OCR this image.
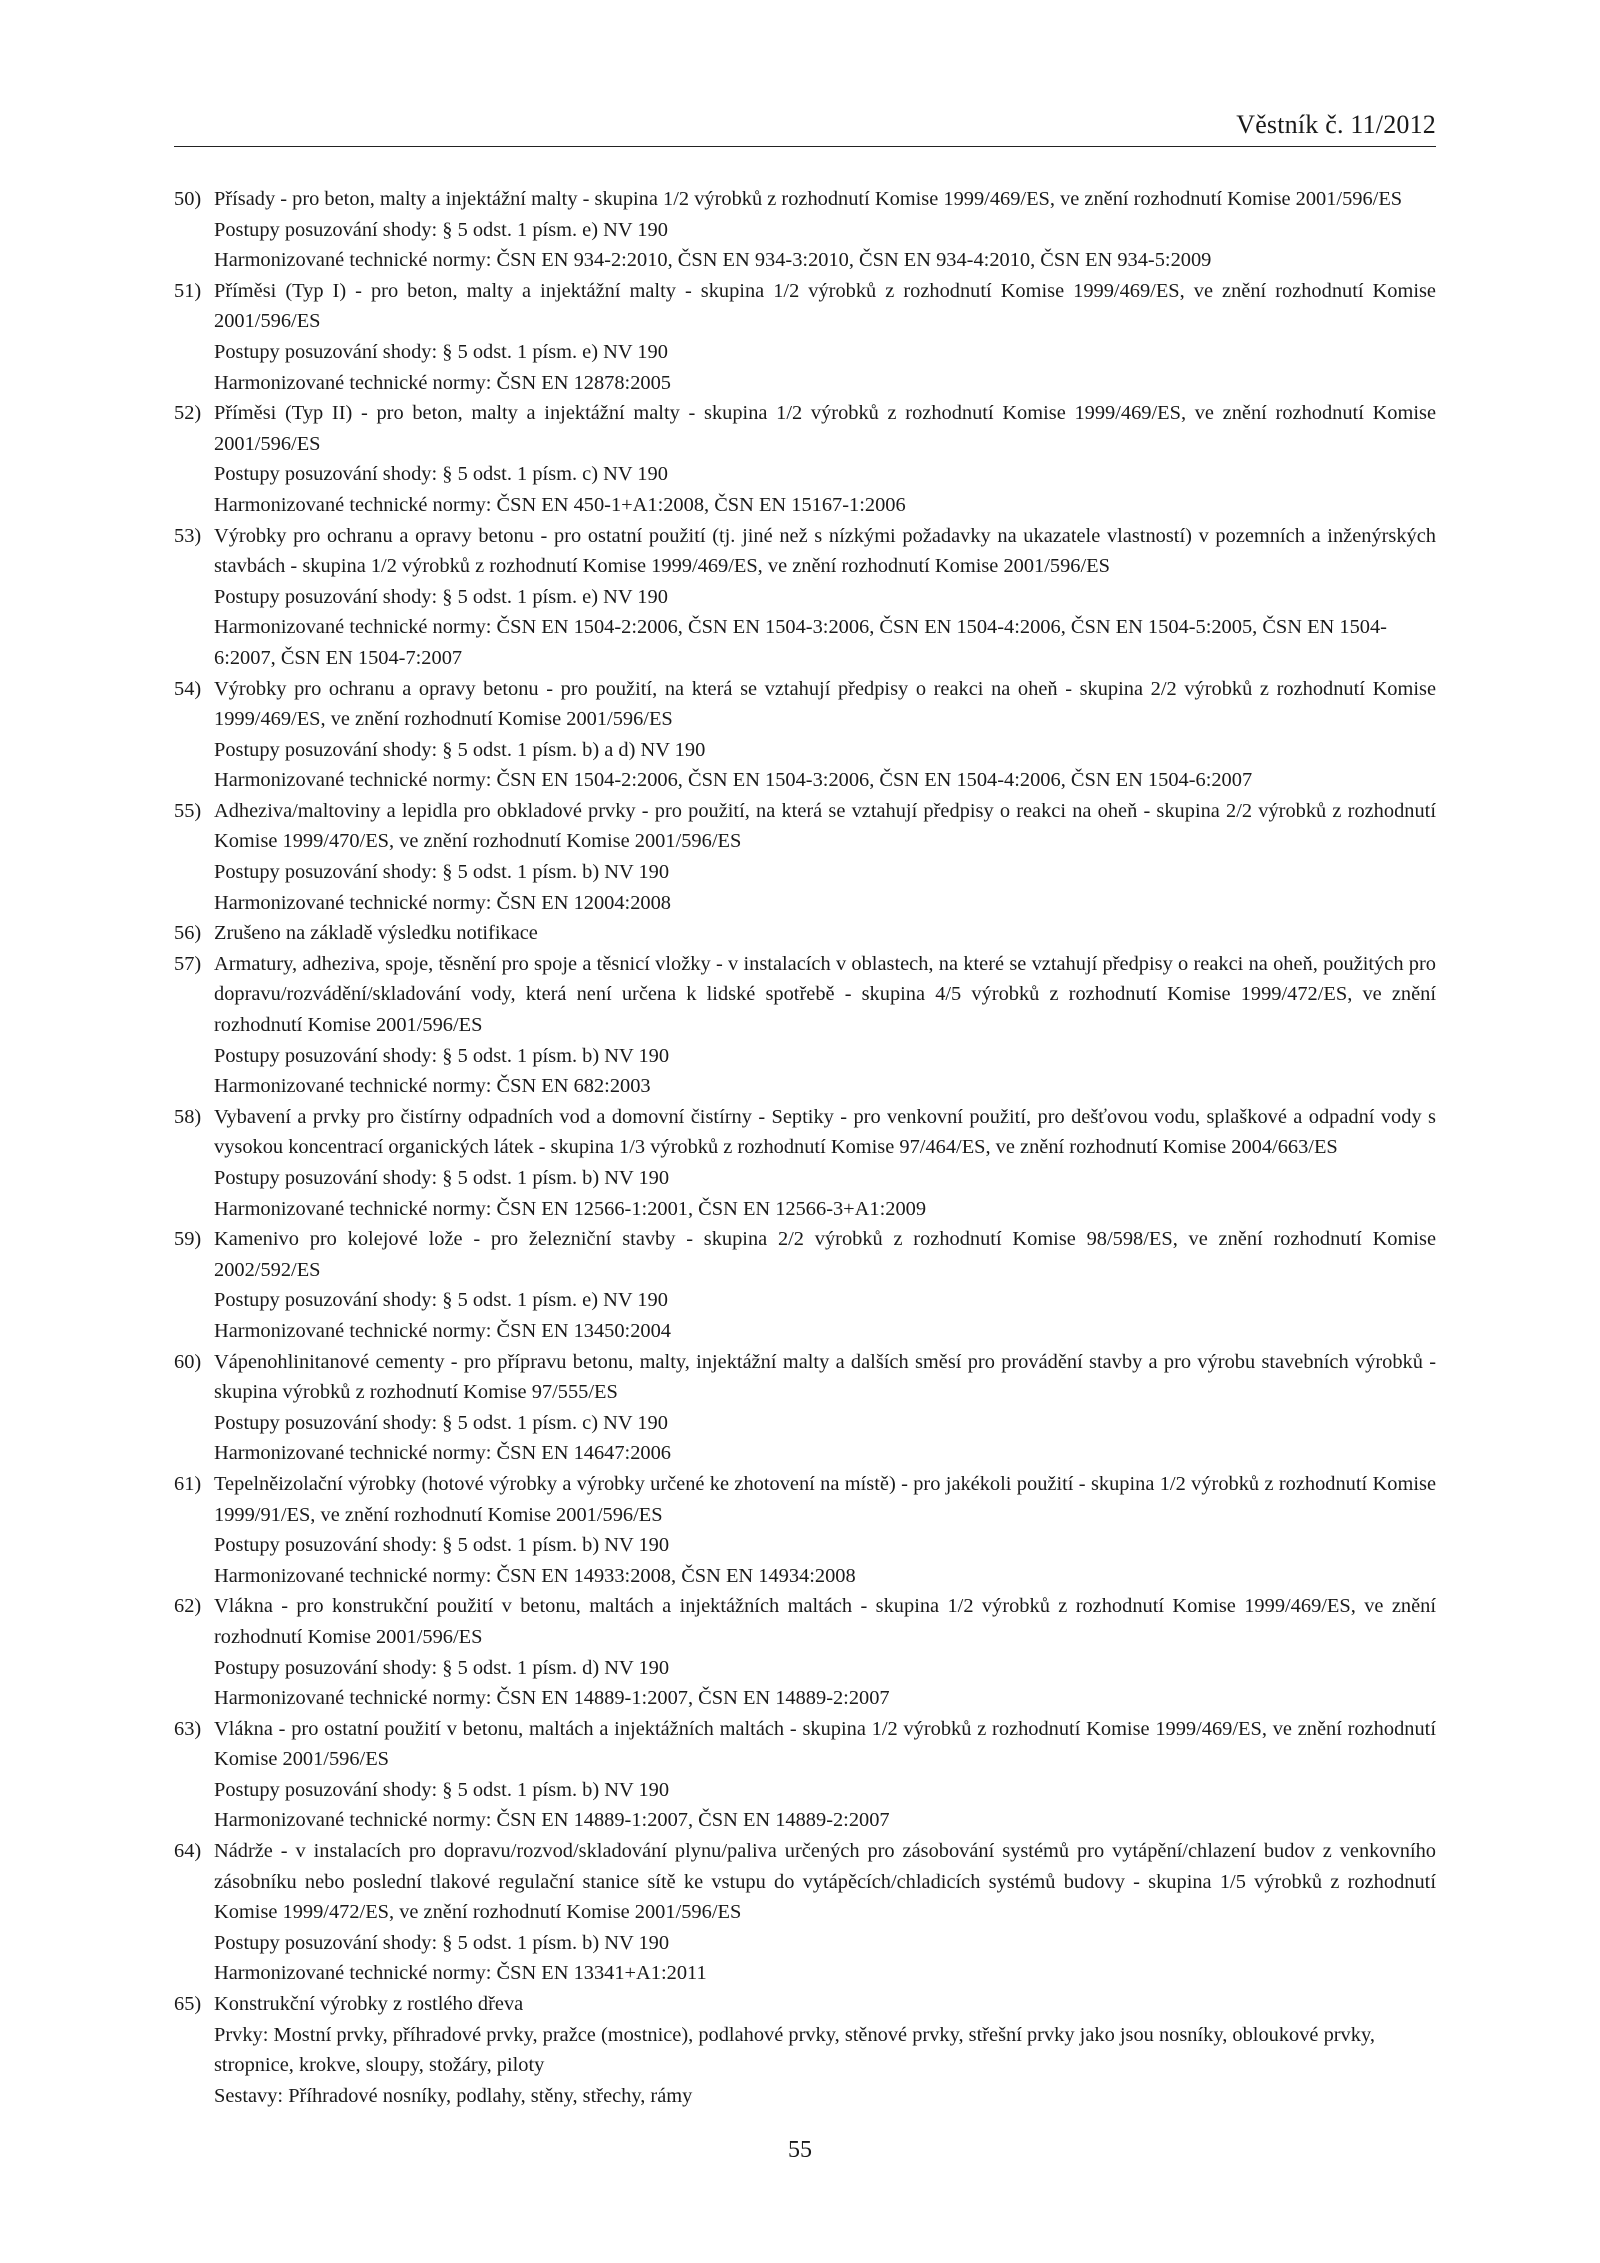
Věstník č. 11/2012
50) Přísady - pro beton, malty a injektážní malty - skupina 1/2 výrobků z rozhodnutí Komise 1999/469/ES, ve znění rozhodnutí Komise 2001/596/ES
Postupy posuzování shody: § 5 odst. 1 písm. e) NV 190
Harmonizované technické normy: ČSN EN 934-2:2010, ČSN EN 934-3:2010, ČSN EN 934-4:2010, ČSN EN 934-5:2009
51) Příměsi (Typ I) - pro beton, malty a injektážní malty - skupina 1/2 výrobků z rozhodnutí Komise 1999/469/ES, ve znění rozhodnutí Komise 2001/596/ES
Postupy posuzování shody: § 5 odst. 1 písm. e) NV 190
Harmonizované technické normy: ČSN EN 12878:2005
52) Příměsi (Typ II) - pro beton, malty a injektážní malty - skupina 1/2 výrobků z rozhodnutí Komise 1999/469/ES, ve znění rozhodnutí Komise 2001/596/ES
Postupy posuzování shody: § 5 odst. 1 písm. c) NV 190
Harmonizované technické normy: ČSN EN 450-1+A1:2008, ČSN EN 15167-1:2006
53) Výrobky pro ochranu a opravy betonu - pro ostatní použití (tj. jiné než s nízkými požadavky na ukazatele vlastností) v pozemních a inženýrských stavbách - skupina 1/2 výrobků z rozhodnutí Komise 1999/469/ES, ve znění rozhodnutí Komise 2001/596/ES
Postupy posuzování shody: § 5 odst. 1 písm. e) NV 190
Harmonizované technické normy: ČSN EN 1504-2:2006, ČSN EN 1504-3:2006, ČSN EN 1504-4:2006, ČSN EN 1504-5:2005, ČSN EN 1504-6:2007, ČSN EN 1504-7:2007
54) Výrobky pro ochranu a opravy betonu - pro použití, na která se vztahují předpisy o reakci na oheň - skupina 2/2 výrobků z rozhodnutí Komise 1999/469/ES, ve znění rozhodnutí Komise 2001/596/ES
Postupy posuzování shody: § 5 odst. 1 písm. b) a d) NV 190
Harmonizované technické normy: ČSN EN 1504-2:2006, ČSN EN 1504-3:2006, ČSN EN 1504-4:2006, ČSN EN 1504-6:2007
55) Adheziva/maltoviny a lepidla pro obkladové prvky - pro použití, na která se vztahují předpisy o reakci na oheň - skupina 2/2 výrobků z rozhodnutí Komise 1999/470/ES, ve znění rozhodnutí Komise 2001/596/ES
Postupy posuzování shody: § 5 odst. 1 písm. b) NV 190
Harmonizované technické normy: ČSN EN 12004:2008
56) Zrušeno na základě výsledku notifikace
57) Armatury, adheziva, spoje, těsnění pro spoje a těsnicí vložky - v instalacích v oblastech, na které se vztahují předpisy o reakci na oheň, použitých pro dopravu/rozvádění/skladování vody, která není určena k lidské spotřebě - skupina 4/5 výrobků z rozhodnutí Komise 1999/472/ES, ve znění rozhodnutí Komise 2001/596/ES
Postupy posuzování shody: § 5 odst. 1 písm. b) NV 190
Harmonizované technické normy: ČSN EN 682:2003
58) Vybavení a prvky pro čistírny odpadních vod a domovní čistírny - Septiky - pro venkovní použití, pro dešťovou vodu, splaškové a odpadní vody s vysokou koncentrací organických látek - skupina 1/3 výrobků z rozhodnutí Komise 97/464/ES, ve znění rozhodnutí Komise 2004/663/ES
Postupy posuzování shody: § 5 odst. 1 písm. b) NV 190
Harmonizované technické normy: ČSN EN 12566-1:2001, ČSN EN 12566-3+A1:2009
59) Kamenivo pro kolejové lože - pro železniční stavby - skupina 2/2 výrobků z rozhodnutí Komise 98/598/ES, ve znění rozhodnutí Komise 2002/592/ES
Postupy posuzování shody: § 5 odst. 1 písm. e) NV 190
Harmonizované technické normy: ČSN EN 13450:2004
60) Vápenohlinitanové cementy - pro přípravu betonu, malty, injektážní malty a dalších směsí pro provádění stavby a pro výrobu stavebních výrobků - skupina výrobků z rozhodnutí Komise 97/555/ES
Postupy posuzování shody: § 5 odst. 1 písm. c) NV 190
Harmonizované technické normy: ČSN EN 14647:2006
61) Tepelněizolační výrobky (hotové výrobky a výrobky určené ke zhotovení na místě) - pro jakékoli použití - skupina 1/2 výrobků z rozhodnutí Komise 1999/91/ES, ve znění rozhodnutí Komise 2001/596/ES
Postupy posuzování shody: § 5 odst. 1 písm. b) NV 190
Harmonizované technické normy: ČSN EN 14933:2008, ČSN EN 14934:2008
62) Vlákna - pro konstrukční použití v betonu, maltách a injektážních maltách - skupina 1/2 výrobků z rozhodnutí Komise 1999/469/ES, ve znění rozhodnutí Komise 2001/596/ES
Postupy posuzování shody: § 5 odst. 1 písm. d) NV 190
Harmonizované technické normy: ČSN EN 14889-1:2007, ČSN EN 14889-2:2007
63) Vlákna - pro ostatní použití v betonu, maltách a injektážních maltách - skupina 1/2 výrobků z rozhodnutí Komise 1999/469/ES, ve znění rozhodnutí Komise 2001/596/ES
Postupy posuzování shody: § 5 odst. 1 písm. b) NV 190
Harmonizované technické normy: ČSN EN 14889-1:2007, ČSN EN 14889-2:2007
64) Nádrže - v instalacích pro dopravu/rozvod/skladování plynu/paliva určených pro zásobování systémů pro vytápění/chlazení budov z venkovního zásobníku nebo poslední tlakové regulační stanice sítě ke vstupu do vytápěcích/chladicích systémů budovy - skupina 1/5 výrobků z rozhodnutí Komise 1999/472/ES, ve znění rozhodnutí Komise 2001/596/ES
Postupy posuzování shody: § 5 odst. 1 písm. b) NV 190
Harmonizované technické normy: ČSN EN 13341+A1:2011
65) Konstrukční výrobky z rostlého dřeva
Prvky: Mostní prvky, příhradové prvky, pražce (mostnice), podlahové prvky, stěnové prvky, střešní prvky jako jsou nosníky, obloukové prvky, stropnice, krokve, sloupy, stožáry, piloty
Sestavy: Příhradové nosníky, podlahy, stěny, střechy, rámy
55
